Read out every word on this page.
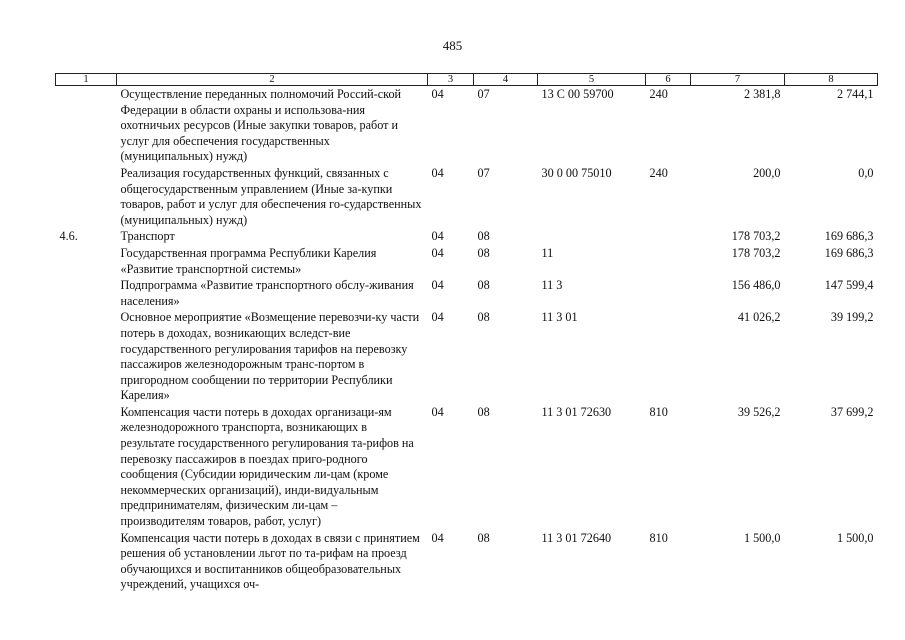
485
1	2	3	4	5	6	7	8
	Осуществление переданных полномочий Россий-ской Федерации в области охраны и использова-ния охотничьих ресурсов (Иные закупки товаров, работ и услуг для обеспечения государственных (муниципальных) нужд)	04	07	13 С 00 59700	240	2 381,8	2 744,1
	Реализация государственных функций, связанных с общегосударственным управлением (Иные за-купки товаров, работ и услуг для обеспечения го-сударственных (муниципальных) нужд)	04	07	30 0 00 75010	240	200,0	0,0
4.6.	Транспорт	04	08			178 703,2	169 686,3
	Государственная программа Республики Карелия «Развитие транспортной системы»	04	08	11		178 703,2	169 686,3
	Подпрограмма «Развитие транспортного обслу-живания населения»	04	08	11 3		156 486,0	147 599,4
	Основное мероприятие «Возмещение перевозчи-ку части потерь в доходах, возникающих вследст-вие государственного регулирования тарифов на перевозку пассажиров железнодорожным транс-портом в пригородном сообщении по территории Республики Карелия»	04	08	11 3 01		41 026,2	39 199,2
	Компенсация части потерь в доходах организаци-ям железнодорожного транспорта, возникающих в результате государственного регулирования та-рифов на перевозку пассажиров в поездах приго-родного сообщения (Субсидии юридическим ли-цам (кроме некоммерческих организаций), инди-видуальным предпринимателям, физическим ли-цам – производителям товаров, работ, услуг)	04	08	11 3 01 72630	810	39 526,2	37 699,2
	Компенсация части потерь в доходах в связи с принятием решения об установлении льгот по та-рифам на проезд обучающихся и воспитанников общеобразовательных учреждений, учащихся оч-	04	08	11 3 01 72640	810	1 500,0	1 500,0
